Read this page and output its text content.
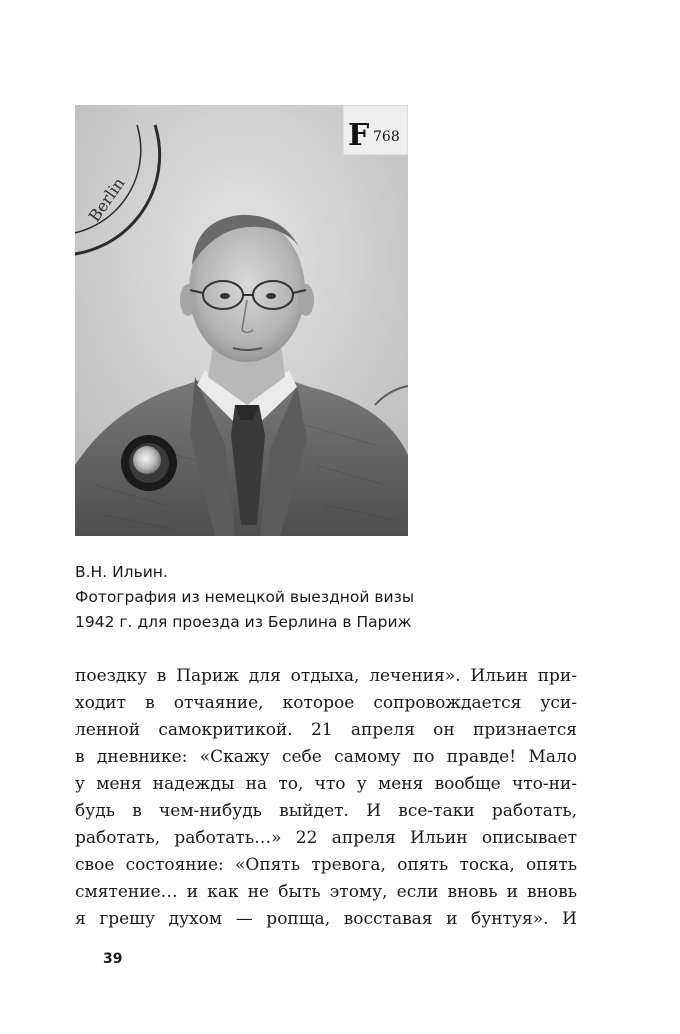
Berlin
F 768
В.Н. Ильин.
Фотография из немецкой выездной визы
1942 г. для проезда из Берлина в Париж
поездку в Париж для отдыха, лечения». Ильин при-
ходит в отчаяние, которое сопровождается уси-
ленной самокритикой. 21 апреля он признается
в дневнике: «Скажу себе самому по правде! Мало
у меня надежды на то, что у меня вообще что-ни-
будь в чем-нибудь выйдет. И все-таки работать,
работать, работать…» 22 апреля Ильин описывает
свое состояние: «Опять тревога, опять тоска, опять
смятение… и как не быть этому, если вновь и вновь
я грешу духом — ропща, восставая и бунтуя». И
39
